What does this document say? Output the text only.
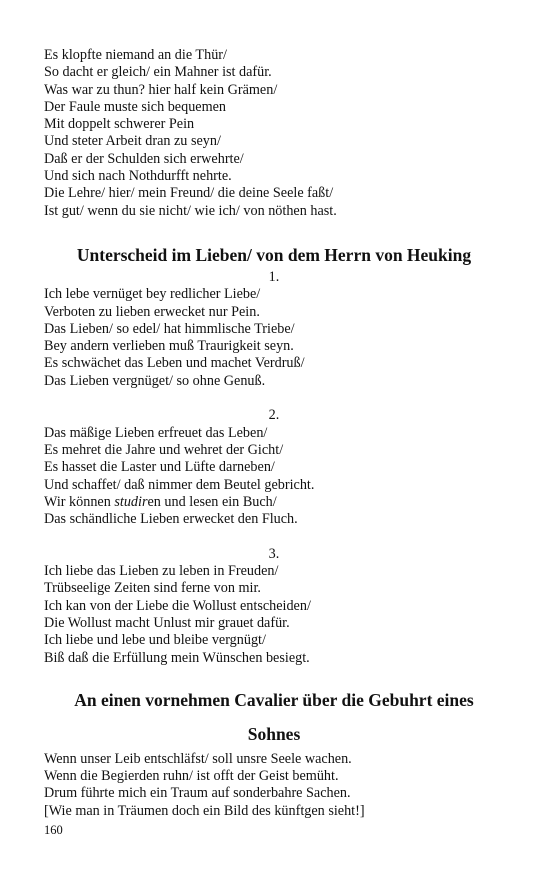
Es klopfte niemand an die Thür/
So dacht er gleich/ ein Mahner ist dafür.
Was war zu thun? hier half kein Grämen/
Der Faule muste sich bequemen
Mit doppelt schwerer Pein
Und steter Arbeit dran zu seyn/
Daß er der Schulden sich erwehrte/
Und sich nach Nothdurfft nehrte.
Die Lehre/ hier/ mein Freund/ die deine Seele faßt/
Ist gut/ wenn du sie nicht/ wie ich/ von nöthen hast.
Unterscheid im Lieben/ von dem Herrn von Heuking
1.
Ich lebe vernüget bey redlicher Liebe/
Verboten zu lieben erwecket nur Pein.
Das Lieben/ so edel/ hat himmlische Triebe/
Bey andern verlieben muß Traurigkeit seyn.
Es schwächet das Leben und machet Verdruß/
Das Lieben vergnüget/ so ohne Genuß.
2.
Das mäßige Lieben erfreuet das Leben/
Es mehret die Jahre und wehret der Gicht/
Es hasset die Laster und Lüfte darneben/
Und schaffet/ daß nimmer dem Beutel gebricht.
Wir können studiren und lesen ein Buch/
Das schändliche Lieben erwecket den Fluch.
3.
Ich liebe das Lieben zu leben in Freuden/
Trübseelige Zeiten sind ferne von mir.
Ich kan von der Liebe die Wollust entscheiden/
Die Wollust macht Unlust mir grauet dafür.
Ich liebe und lebe und bleibe vergnügt/
Biß daß die Erfüllung mein Wünschen besiegt.
An einen vornehmen Cavalier über die Gebuhrt eines
Sohnes
Wenn unser Leib entschläfst/ soll unsre Seele wachen.
Wenn die Begierden ruhn/ ist offt der Geist bemüht.
Drum führte mich ein Traum auf sonderbahre Sachen.
[Wie man in Träumen doch ein Bild des künftgen sieht!]
160
